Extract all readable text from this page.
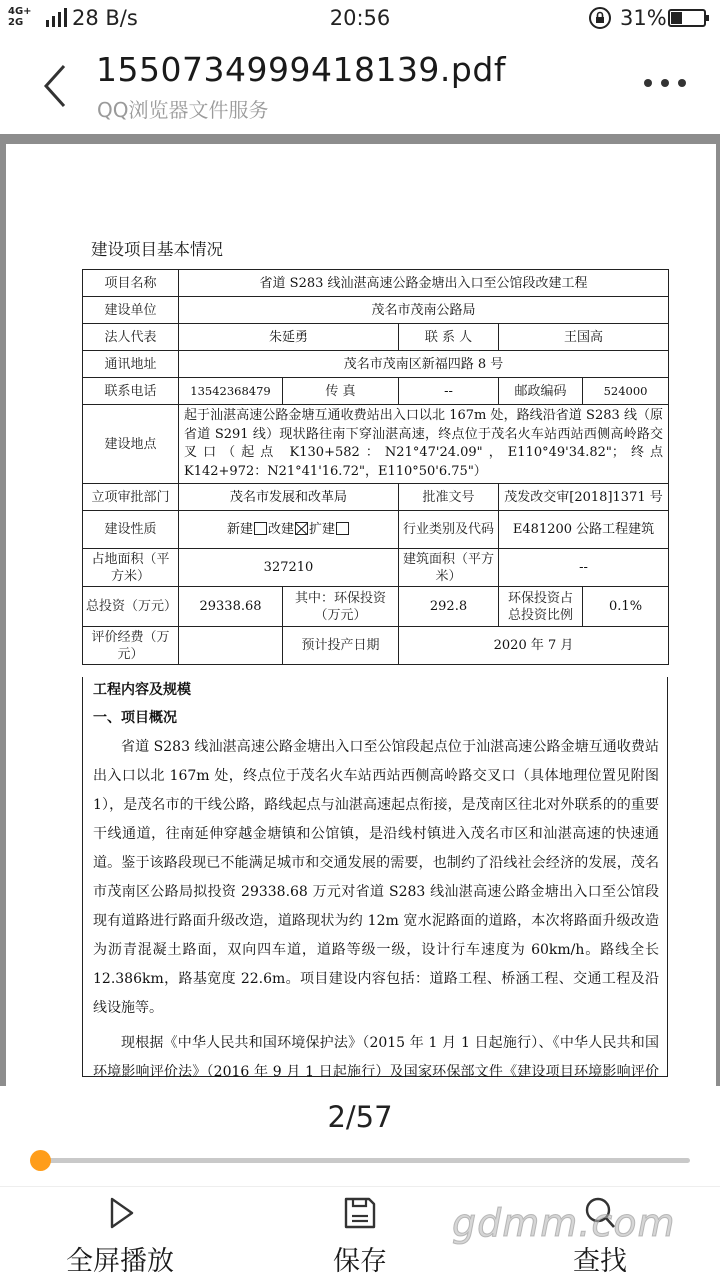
4G+
2G	28 B/s	20:56	31%
1550734999418139.pdf
QQ浏览器文件服务
建设项目基本情况
项目名称	省道 S283 线汕湛高速公路金塘出入口至公馆段改建工程				
建设单位	茂名市茂南公路局				
法人代表	朱延勇		联 系 人	王国高	
通讯地址	茂名市茂南区新福四路 8 号				
联系电话	13542368479	传 真	--	邮政编码	524000
建设地点	起于汕湛高速公路金塘互通收费站出入口以北 167m 处，路线沿省道 S283 线（原省道 S291 线）现状路往南下穿汕湛高速，终点位于茂名火车站西站西侧高岭路交叉口（起点 K130+582：N21°47'24.09"，E110°49'34.82"；终点 K142+972：N21°41'16.72"，E110°50'6.75"）				
立项审批部门	茂名市发展和改革局		批准文号	茂发改交审[2018]1371 号	
建设性质	新建 改建 扩建		行业类别及代码	E481200 公路工程建筑	
占地面积（平方米）	327210		建筑面积（平方米）	--	
总投资（万元）	29338.68	其中：环保投资（万元）	292.8	环保投资占总投资比例	0.1%
评价经费（万元）		预计投产日期	2020 年 7 月		
工程内容及规模
一、项目概况

省道 S283 线汕湛高速公路金塘出入口至公馆段起点位于汕湛高速公路金塘互通收费站出入口以北 167m 处，终点位于茂名火车站西站西侧高岭路交叉口（具体地理位置见附图 1），是茂名市的干线公路，路线起点与汕湛高速起点衔接，是茂南区往北对外联系的的重要干线通道，往南延伸穿越金塘镇和公馆镇，是沿线村镇进入茂名市区和汕湛高速的快速通道。鉴于该路段现已不能满足城市和交通发展的需要，也制约了沿线社会经济的发展，茂名市茂南区公路局拟投资 29338.68 万元对省道 S283 线汕湛高速公路金塘出入口至公馆段现有道路进行路面升级改造，道路现状为约 12m 宽水泥路面的道路，本次将路面升级改造为沥青混凝土路面，双向四车道，道路等级一级，设计行车速度为 60km/h。路线全长 12.386km，路基宽度 22.6m。项目建设内容包括：道路工程、桥涵工程、交通工程及沿线设施等。

现根据《中华人民共和国环境保护法》（2015 年 1 月 1 日起施行）、《中华人民共和国环境影响评价法》（2016 年 9 月 1 日起施行）及国家环保部文件《建设项目环境影响评价

2/57
全屏播放	保存	查找
gdmm.com
